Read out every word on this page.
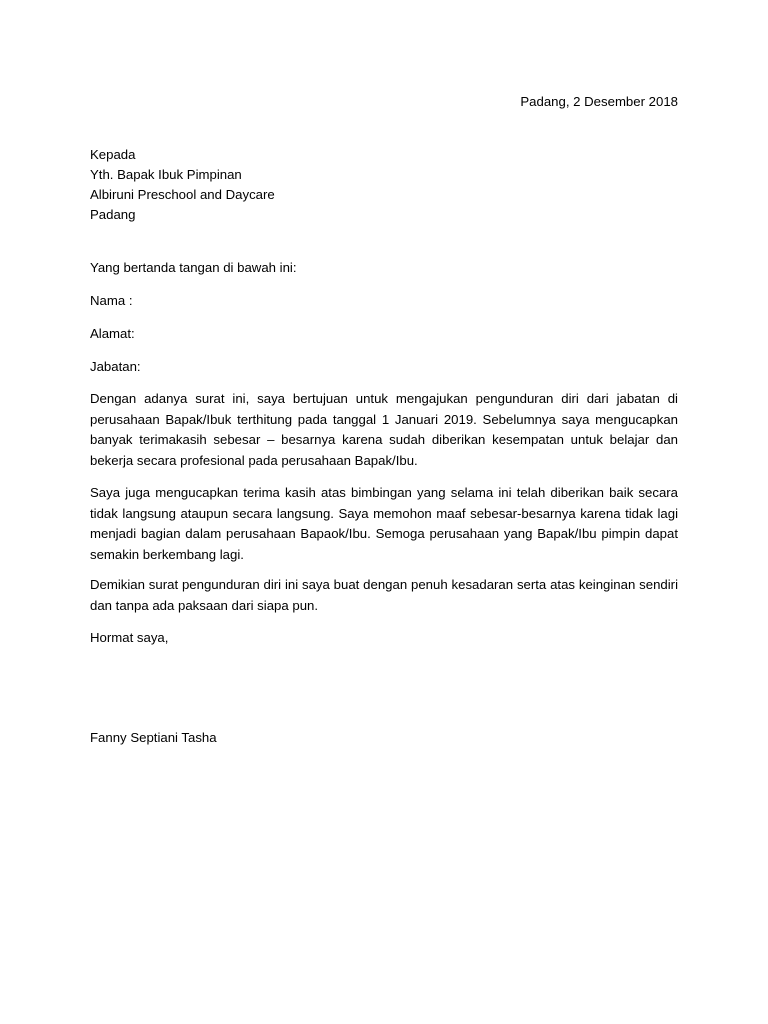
Padang, 2 Desember 2018

Kepada

Yth. Bapak Ibuk Pimpinan

Albiruni Preschool and Daycare

Padang

Yang bertanda tangan di bawah ini:

Nama :

Alamat:

Jabatan:

Dengan adanya surat ini, saya bertujuan untuk mengajukan pengunduran diri dari jabatan di perusahaan Bapak/Ibuk terthitung pada tanggal 1 Januari 2019. Sebelumnya saya mengucapkan banyak terimakasih sebesar – besarnya karena sudah diberikan kesempatan untuk belajar dan bekerja secara profesional pada perusahaan Bapak/Ibu.

Saya juga mengucapkan terima kasih atas bimbingan yang selama ini telah diberikan baik secara tidak langsung ataupun secara langsung. Saya memohon maaf sebesar-besarnya karena tidak lagi menjadi bagian dalam perusahaan Bapaok/Ibu. Semoga perusahaan yang Bapak/Ibu pimpin dapat semakin berkembang lagi.

Demikian surat pengunduran diri ini saya buat dengan penuh kesadaran serta atas keinginan sendiri dan tanpa ada paksaan dari siapa pun.

Hormat saya,

Fanny Septiani Tasha
